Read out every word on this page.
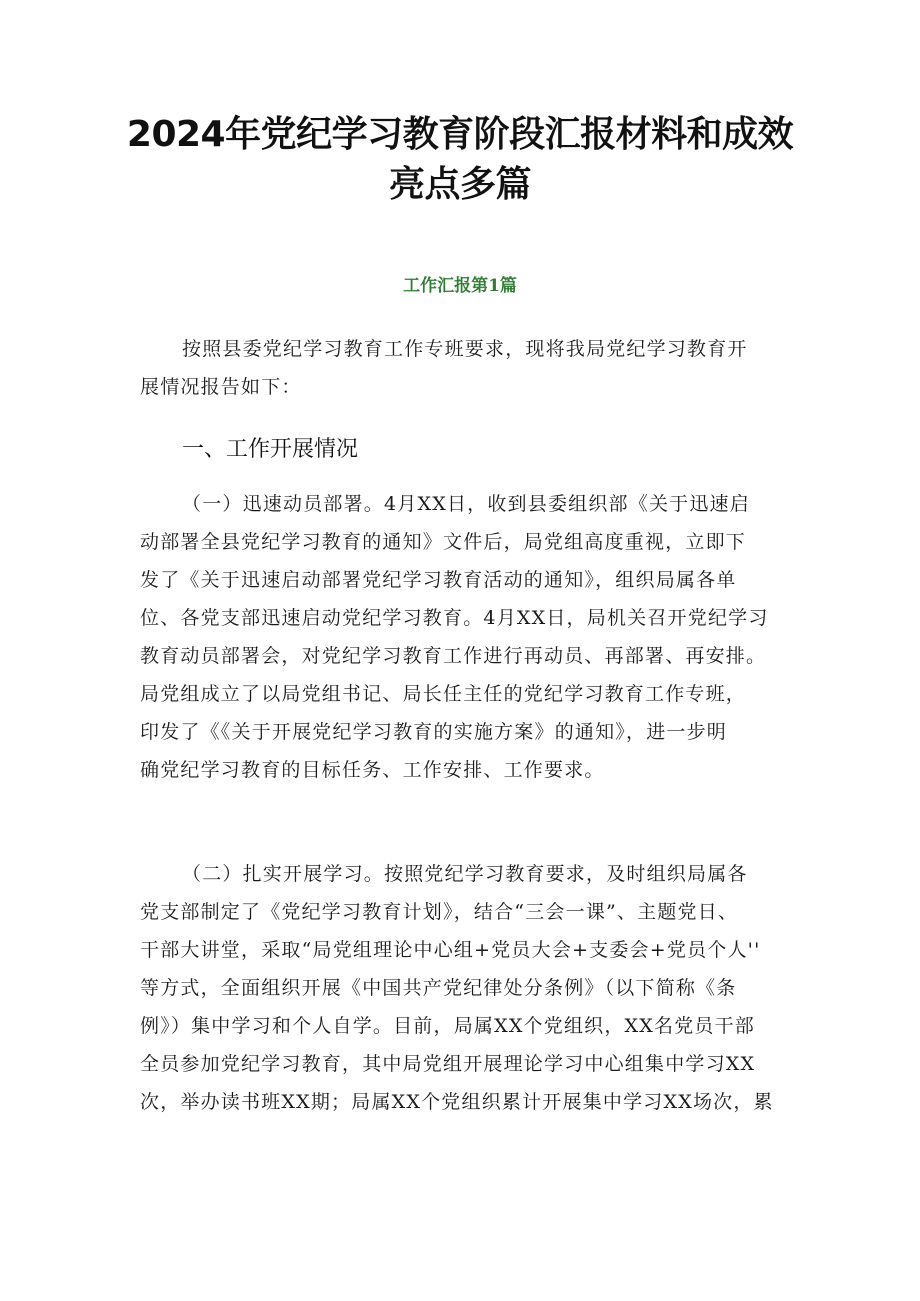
2024年党纪学习教育阶段汇报材料和成效
亮点多篇
工作汇报第1篇
按照县委党纪学习教育工作专班要求，现将我局党纪学习教育开
展情况报告如下：
一、工作开展情况
（一）迅速动员部署。4月XX日，收到县委组织部《关于迅速启
动部署全县党纪学习教育的通知》文件后，局党组高度重视，立即下
发了《关于迅速启动部署党纪学习教育活动的通知》，组织局属各单
位、各党支部迅速启动党纪学习教育。4月XX日，局机关召开党纪学习
教育动员部署会，对党纪学习教育工作进行再动员、再部署、再安排。
局党组成立了以局党组书记、局长任主任的党纪学习教育工作专班，
印发了《《关于开展党纪学习教育的实施方案》的通知》，进一步明
确党纪学习教育的目标任务、工作安排、工作要求。
（二）扎实开展学习。按照党纪学习教育要求，及时组织局属各
党支部制定了《党纪学习教育计划》，结合“三会一课”、主题党日、
干部大讲堂，采取“局党组理论中心组+党员大会+支委会+党员个人''
等方式，全面组织开展《中国共产党纪律处分条例》（以下简称《条
例》）集中学习和个人自学。目前，局属XX个党组织，XX名党员干部
全员参加党纪学习教育，其中局党组开展理论学习中心组集中学习XX
次，举办读书班XX期；局属XX个党组织累计开展集中学习XX场次，累
